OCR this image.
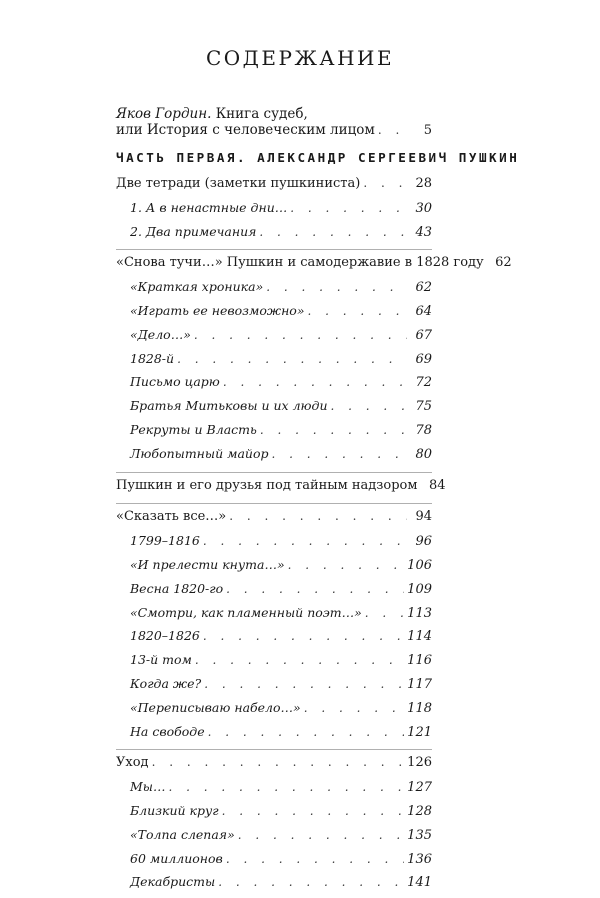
СОДЕРЖАНИЕ
Яков Гордин. Книга судеб,
или История с человеческим лицом . . .	5
ЧАСТЬ ПЕРВАЯ. АЛЕКСАНДР СЕРГЕЕВИЧ ПУШКИН
Две тетради (заметки пушкиниста) . . .	28
1. А в ненастные дни… . . .	30
2. Два примечания . . .	43
«Снова тучи…» Пушкин и самодержавие в 1828 году 62
«Краткая хроника» . . .	62
«Играть ее невозможно» . . .	64
«Дело…» . . .	67
1828-й . . .	69
Письмо царю . . .	72
Братья Митьковы и их люди . . .	75
Рекруты и Власть . . .	78
Любопытный майор . . .	80
Пушкин и его друзья под тайным надзором 84
«Сказать все…» . . .	94
1799–1816 . . .	96
«И прелести кнута…» . . .	106
Весна 1820-го . . .	109
«Смотри, как пламенный поэт…» . . .	113
1820–1826 . . .	114
13-й том . . .	116
Когда же? . . .	117
«Переписываю набело…» . . .	118
На свободе . . .	121
Уход . . .	126
Мы… . . .	127
Близкий круг . . .	128
«Толпа слепая» . . .	135
60 миллионов . . .	136
Декабристы . . .	141
